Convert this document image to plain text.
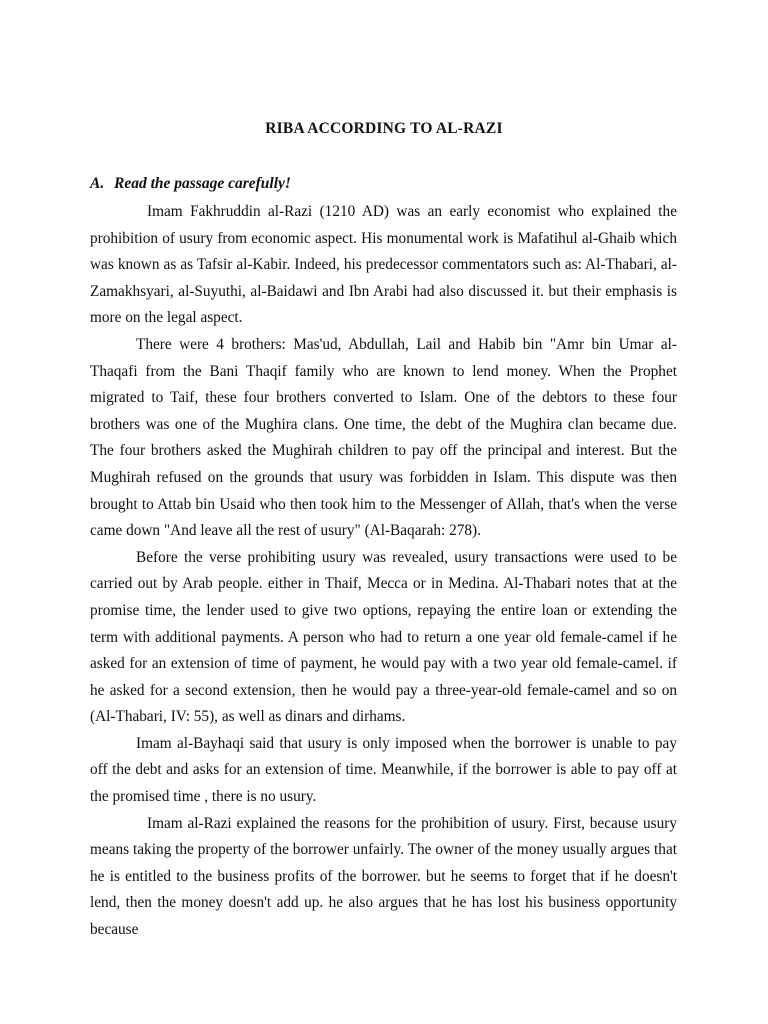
RIBA ACCORDING TO AL-RAZI
A. Read the passage carefully!

Imam Fakhruddin al-Razi (1210 AD) was an early economist who explained the prohibition of usury from economic aspect. His monumental work is Mafatihul al-Ghaib which was known as as Tafsir al-Kabir. Indeed, his predecessor commentators such as: Al-Thabari, al-Zamakhsyari, al-Suyuthi, al-Baidawi and Ibn Arabi had also discussed it. but their emphasis is more on the legal aspect.

There were 4 brothers: Mas'ud, Abdullah, Lail and Habib bin "Amr bin Umar al-Thaqafi from the Bani Thaqif family who are known to lend money. When the Prophet migrated to Taif, these four brothers converted to Islam. One of the debtors to these four brothers was one of the Mughira clans. One time, the debt of the Mughira clan became due. The four brothers asked the Mughirah children to pay off the principal and interest. But the Mughirah refused on the grounds that usury was forbidden in Islam. This dispute was then brought to Attab bin Usaid who then took him to the Messenger of Allah, that's when the verse came down "And leave all the rest of usury" (Al-Baqarah: 278).

Before the verse prohibiting usury was revealed, usury transactions were used to be carried out by Arab people. either in Thaif, Mecca or in Medina. Al-Thabari notes that at the promise time, the lender used to give two options, repaying the entire loan or extending the term with additional payments. A person who had to return a one year old female-camel if he asked for an extension of time of payment, he would pay with a two year old female-camel. if he asked for a second extension, then he would pay a three-year-old female-camel and so on (Al-Thabari, IV: 55), as well as dinars and dirhams.

Imam al-Bayhaqi said that usury is only imposed when the borrower is unable to pay off the debt and asks for an extension of time. Meanwhile, if the borrower is able to pay off at the promised time , there is no usury.

Imam al-Razi explained the reasons for the prohibition of usury. First, because usury means taking the property of the borrower unfairly. The owner of the money usually argues that he is entitled to the business profits of the borrower. but he seems to forget that if he doesn't lend, then the money doesn't add up. he also argues that he has lost his business opportunity because
